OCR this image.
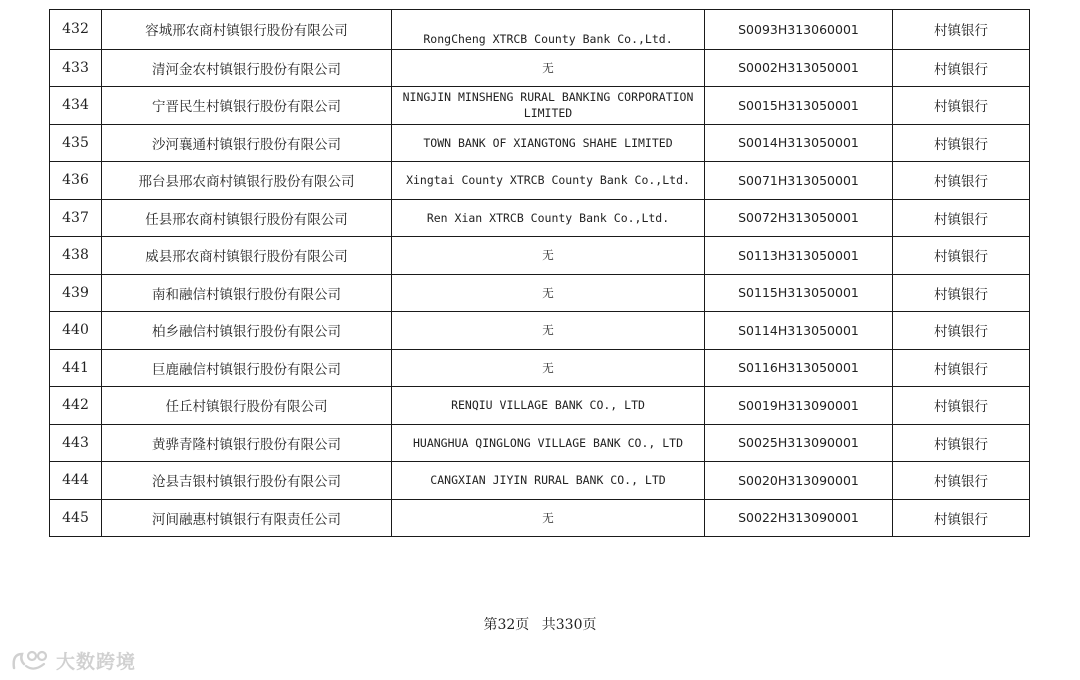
432	容城邢农商村镇银行股份有限公司	RongCheng XTRCB County Bank Co.,Ltd.	S0093H313060001	村镇银行
433	清河金农村镇银行股份有限公司	无	S0002H313050001	村镇银行
434	宁晋民生村镇银行股份有限公司	NINGJIN MINSHENG RURAL BANKING CORPORATION LIMITED	S0015H313050001	村镇银行
435	沙河襄通村镇银行股份有限公司	TOWN BANK OF XIANGTONG SHAHE LIMITED	S0014H313050001	村镇银行
436	邢台县邢农商村镇银行股份有限公司	Xingtai County XTRCB County Bank Co.,Ltd.	S0071H313050001	村镇银行
437	任县邢农商村镇银行股份有限公司	Ren Xian XTRCB County Bank Co.,Ltd.	S0072H313050001	村镇银行
438	威县邢农商村镇银行股份有限公司	无	S0113H313050001	村镇银行
439	南和融信村镇银行股份有限公司	无	S0115H313050001	村镇银行
440	柏乡融信村镇银行股份有限公司	无	S0114H313050001	村镇银行
441	巨鹿融信村镇银行股份有限公司	无	S0116H313050001	村镇银行
442	任丘村镇银行股份有限公司	RENQIU VILLAGE BANK CO., LTD	S0019H313090001	村镇银行
443	黄骅青隆村镇银行股份有限公司	HUANGHUA QINGLONG VILLAGE BANK CO., LTD	S0025H313090001	村镇银行
444	沧县吉银村镇银行股份有限公司	CANGXIAN JIYIN RURAL BANK CO., LTD	S0020H313090001	村镇银行
445	河间融惠村镇银行有限责任公司	无	S0022H313090001	村镇银行
第32页 共330页
大数跨境
